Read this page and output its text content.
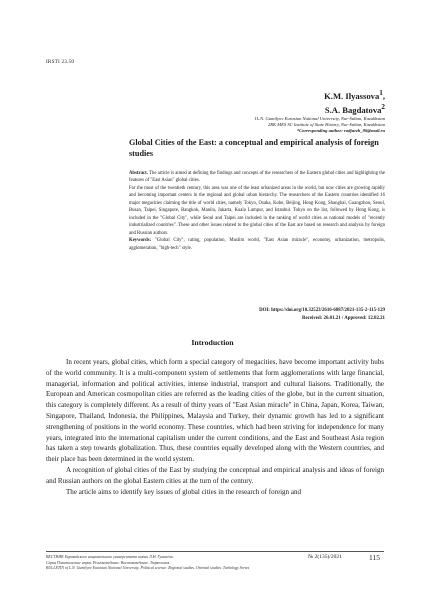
IRSTI 23.50
K.M. Ilyassova$^1$,
S.A. Bagdatova$^2$
1L.N. Gumilyov Eurasian National University, Nur-Sultan, Kazakhstan
2RK MES SC Institute of State History, Nur-Sultan, Kazakhstan
*Corresponding author: radjurzh_86@mail.ru
Global Cities of the East: a conceptual and empirical analysis of foreign studies

Abstract. The article is aimed at defining the findings and concepts of the researchers of the Eastern global cities and highlighting the features of "East Asian" global cities.

For the most of the twentieth century, this area was one of the least urbanized areas in the world, but now cities are growing rapidly and becoming important centers in the regional and global urban hierarchy. The researchers of the Eastern countries identified 16 major megacities claiming the title of world cities, namely Tokyo, Osaka, Kobe, Beijing, Hong Kong, Shanghai, Guangzhou, Seoul, Busan, Taipei, Singapore, Bangkok, Manila, Jakarta, Kuala Lumpur, and Istanbul. Tokyo on the list, followed by Hong Kong, is included in the "Global City", while Seoul and Taipei are included in the ranking of world cities as national models of "recently industrialized countries". These and other issues related to the global cities of the East are based on research and analysis by foreign and Russian authors.

Keywords: "Global City", rating, population, Muslim world, "East Asian miracle", economy, urbanization, metropolis, agglomeration, "high-tech" style.

DOI: https://doi.org/10.32523/2616-6887/2021-135-2-115-129
Received: 26.01.21 / Approved: 12.02.21
Introduction

In recent years, global cities, which form a special category of megacities, have become important activity hubs of the world community. It is a multi-component system of settlements that form agglomerations with large financial, managerial, information and political activities, intense industrial, transport and cultural liaisons. Traditionally, the European and American cosmopolitan cities are referred as the leading cities of the globe, but in the current situation, this category is completely different. As a result of thirty years of "East Asian miracle" in China, Japan, Korea, Taiwan, Singapore, Thailand, Indonesia, the Philippines, Malaysia and Turkey, their dynamic growth has led to a significant strengthening of positions in the world economy. These countries, which had been striving for independence for many years, integrated into the international capitalism under the current conditions, and the East and Southeast Asia region has taken a step towards globalization. Thus, these countries equally developed along with the Western countries, and their place has been determined in the world system.

A recognition of global cities of the East by studying the conceptual and empirical analysis and ideas of foreign and Russian authors on the global Eastern cities at the turn of the century.

The article aims to identify key issues of global cities in the research of foreign and

ВЕСТНИК Евразийского национального университета имени Л.Н. Гумилева.
Серия Политические науки. Регионоведение. Востоковедение. Тюркология.
BULLETIN of L.N. Gumilyov Eurasian National University. Political science. Regional studies. Oriental studies. Turkology Series
№ 2(135)/2021	115
